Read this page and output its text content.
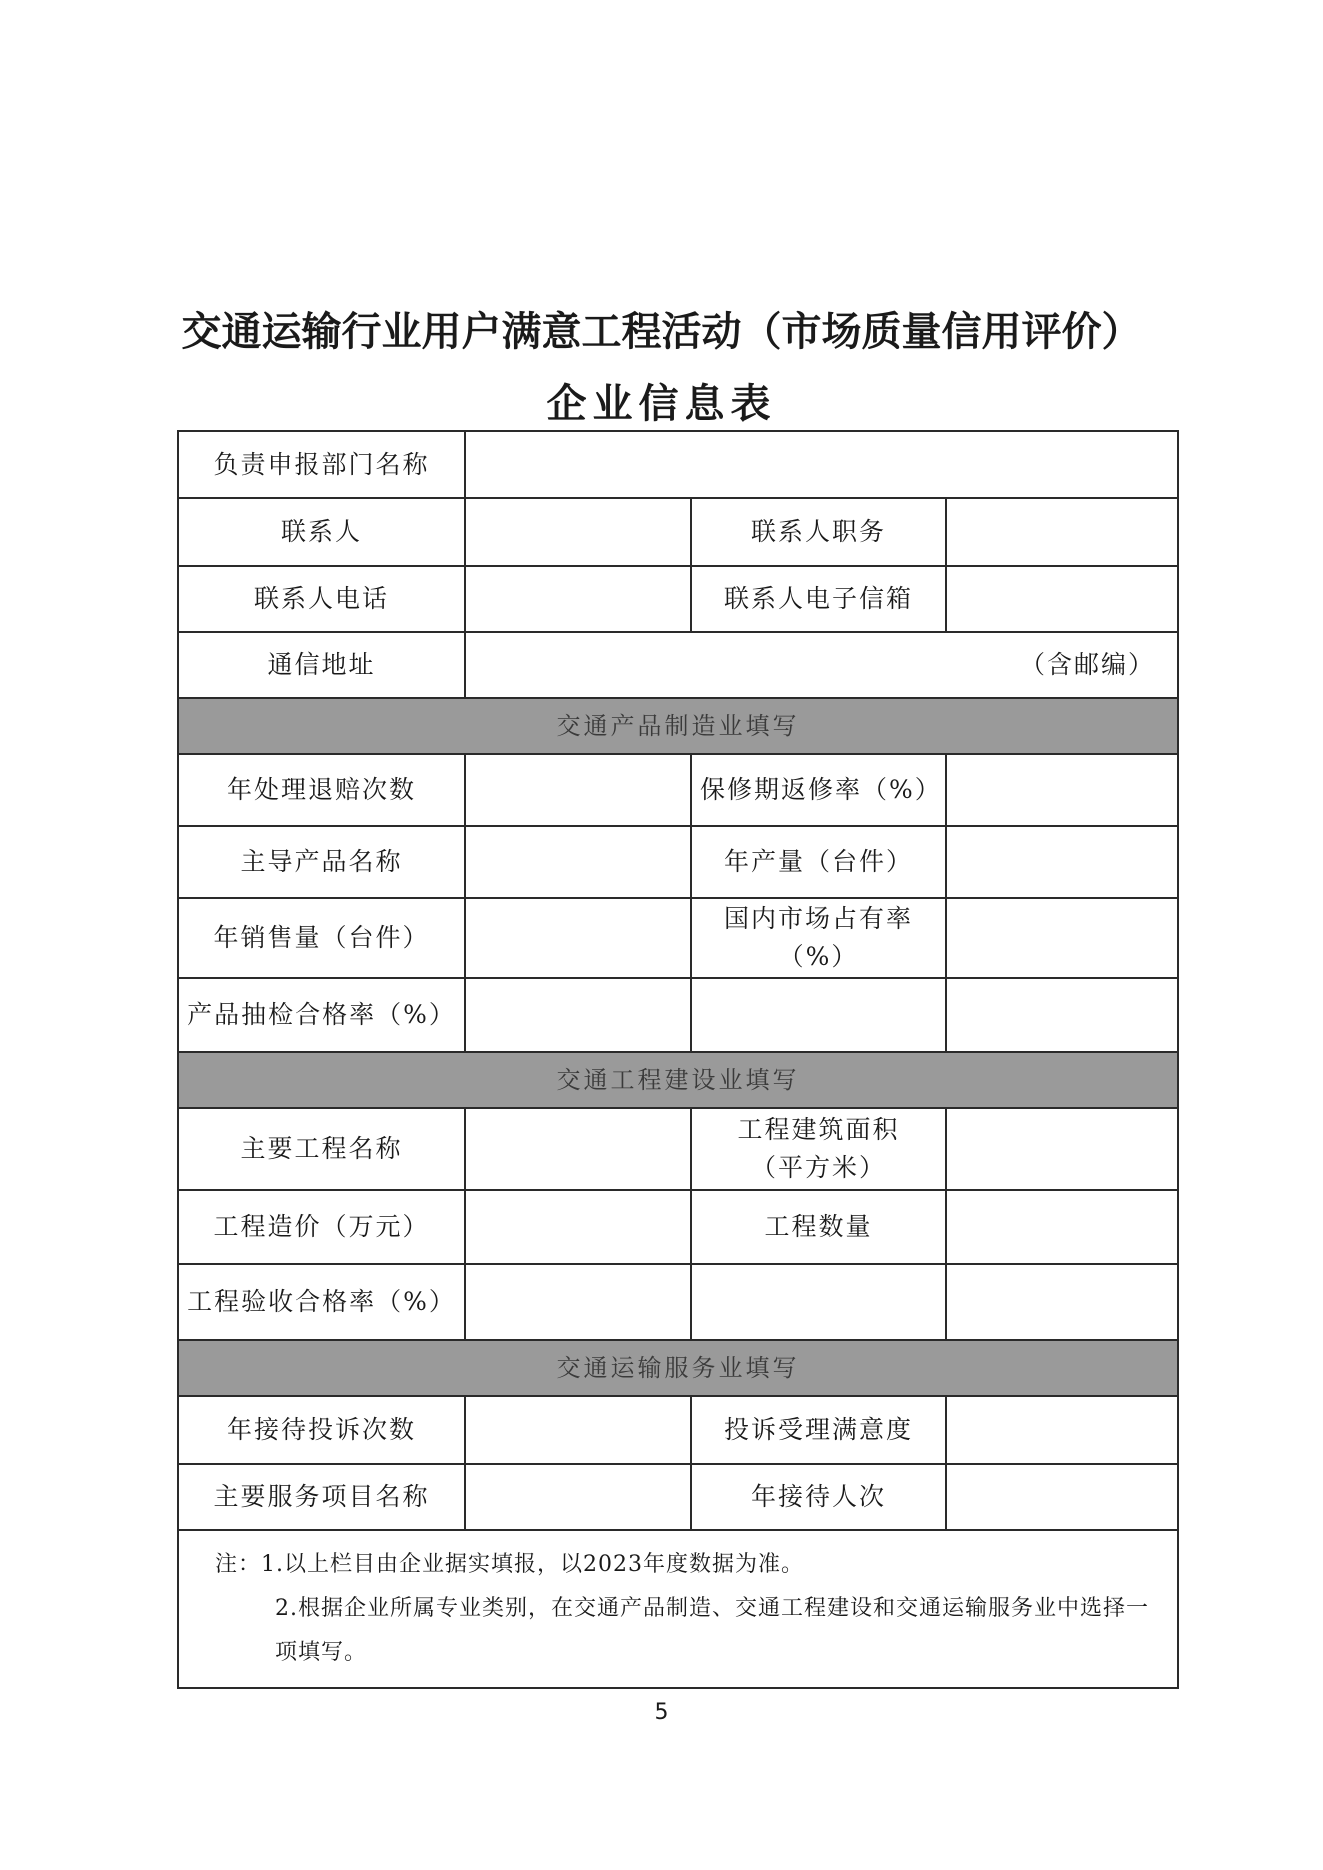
交通运输行业用户满意工程活动（市场质量信用评价）
企业信息表
负责申报部门名称			
联系人		联系人职务	
联系人电话		联系人电子信箱	
通信地址	（含邮编）		
交通产品制造业填写			
年处理退赔次数		保修期返修率（%）	
主导产品名称		年产量（台件）	
年销售量（台件）		国内市场占有率
（%）	
产品抽检合格率（%）			
交通工程建设业填写			
主要工程名称		工程建筑面积
（平方米）	
工程造价（万元）		工程数量	
工程验收合格率（%）			
交通运输服务业填写			
年接待投诉次数		投诉受理满意度	
主要服务项目名称		年接待人次	
注：1.以上栏目由企业据实填报，以2023年度数据为准。
2.根据企业所属专业类别，在交通产品制造、交通工程建设和交通运输服务业中选择一
项填写。			
5
